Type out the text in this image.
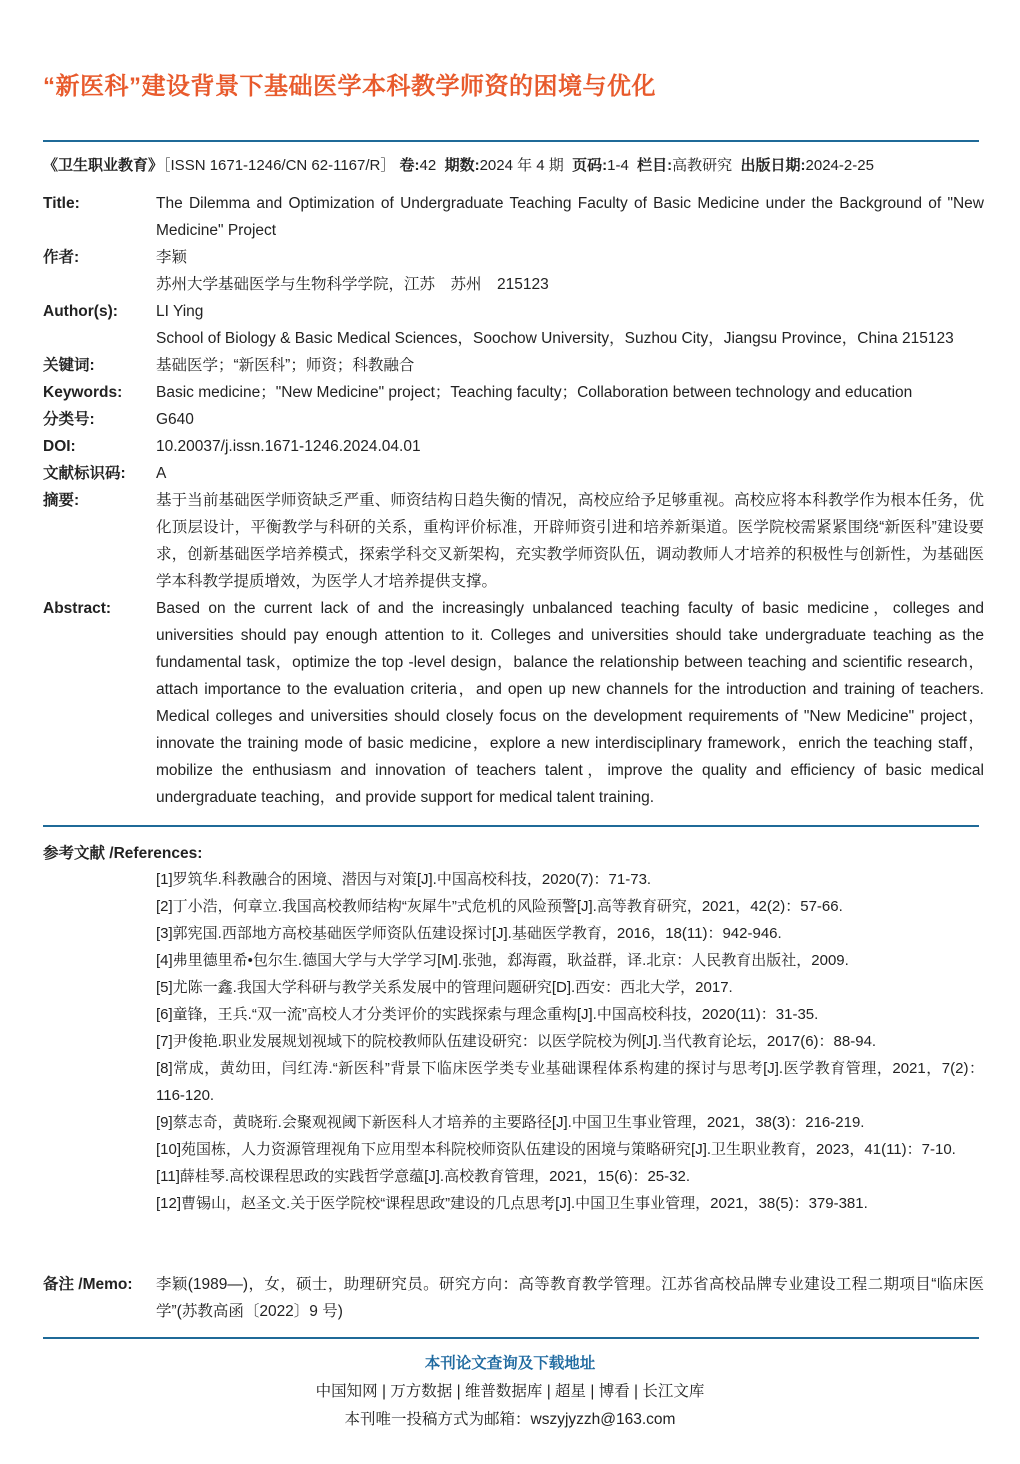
“新医科”建设背景下基础医学本科教学师资的困境与优化
《卫生职业教育》［ISSN 1671-1246/CN 62-1167/R］ 卷:42 期数:2024 年 4 期 页码:1-4 栏目:高教研究 出版日期:2024-2-25
Title:	The Dilemma and Optimization of Undergraduate Teaching Faculty of Basic Medicine under the Background of "New Medicine" Project
作者:	李颖
苏州大学基础医学与生物科学学院，江苏　苏州　215123
Author(s):	LI Ying
School of Biology & Basic Medical Sciences，Soochow University，Suzhou City，Jiangsu Province，China 215123
关键词:	基础医学；“新医科”；师资；科教融合
Keywords:	Basic medicine；"New Medicine" project；Teaching faculty；Collaboration between technology and education
分类号:	G640
DOI:	10.20037/j.issn.1671-1246.2024.04.01
文献标识码:	A
摘要:	基于当前基础医学师资缺乏严重、师资结构日趋失衡的情况，高校应给予足够重视。高校应将本科教学作为根本任务，优化顶层设计，平衡教学与科研的关系，重构评价标准，开辟师资引进和培养新渠道。医学院校需紧紧围绕“新医科”建设要求，创新基础医学培养模式，探索学科交叉新架构，充实教学师资队伍，调动教师人才培养的积极性与创新性，为基础医学本科教学提质增效，为医学人才培养提供支撑。
Abstract:	Based on the current lack of and the increasingly unbalanced teaching faculty of basic medicine，colleges and universities should pay enough attention to it. Colleges and universities should take undergraduate teaching as the fundamental task，optimize the top -level design，balance the relationship between teaching and scientific research，attach importance to the evaluation criteria，and open up new channels for the introduction and training of teachers. Medical colleges and universities should closely focus on the development requirements of "New Medicine" project，innovate the training mode of basic medicine，explore a new interdisciplinary framework，enrich the teaching staff，mobilize the enthusiasm and innovation of teachers talent，improve the quality and efficiency of basic medical undergraduate teaching，and provide support for medical talent training.
参考文献 /References:
[1]罗筑华.科教融合的困境、潜因与对策[J].中国高校科技，2020(7)：71-73.
[2]丁小浩，何章立.我国高校教师结构“灰犀牛”式危机的风险预警[J].高等教育研究，2021，42(2)：57-66.
[3]郭宪国.西部地方高校基础医学师资队伍建设探讨[J].基础医学教育，2016，18(11)：942-946.
[4]弗里德里希•包尔生.德国大学与大学学习[M].张弛，郄海霞，耿益群，译.北京：人民教育出版社，2009.
[5]尤陈一鑫.我国大学科研与教学关系发展中的管理问题研究[D].西安：西北大学，2017.
[6]童锋，王兵.“双一流”高校人才分类评价的实践探索与理念重构[J].中国高校科技，2020(11)：31-35.
[7]尹俊艳.职业发展规划视域下的院校教师队伍建设研究：以医学院校为例[J].当代教育论坛，2017(6)：88-94.
[8]常成，黄幼田，闫红涛.“新医科”背景下临床医学类专业基础课程体系构建的探讨与思考[J].医学教育管理，2021，7(2)：116-120.
[9]蔡志奇，黄晓珩.会聚观视阈下新医科人才培养的主要路径[J].中国卫生事业管理，2021，38(3)：216-219.
[10]苑国栋，人力资源管理视角下应用型本科院校师资队伍建设的困境与策略研究[J].卫生职业教育，2023，41(11)：7-10.
[11]薛桂琴.高校课程思政的实践哲学意蕴[J].高校教育管理，2021，15(6)：25-32.
[12]曹锡山，赵圣文.关于医学院校“课程思政”建设的几点思考[J].中国卫生事业管理，2021，38(5)：379-381.
备注 /Memo:	李颖(1989—)，女，硕士，助理研究员。研究方向：高等教育教学管理。江苏省高校品牌专业建设工程二期项目“临床医学”(苏教高函〔2022〕9 号)
本刊论文查询及下载地址
中国知网 | 万方数据 | 维普数据库 | 超星 | 博看 | 长江文库
本刊唯一投稿方式为邮箱：wszyjyzzh@163.com
